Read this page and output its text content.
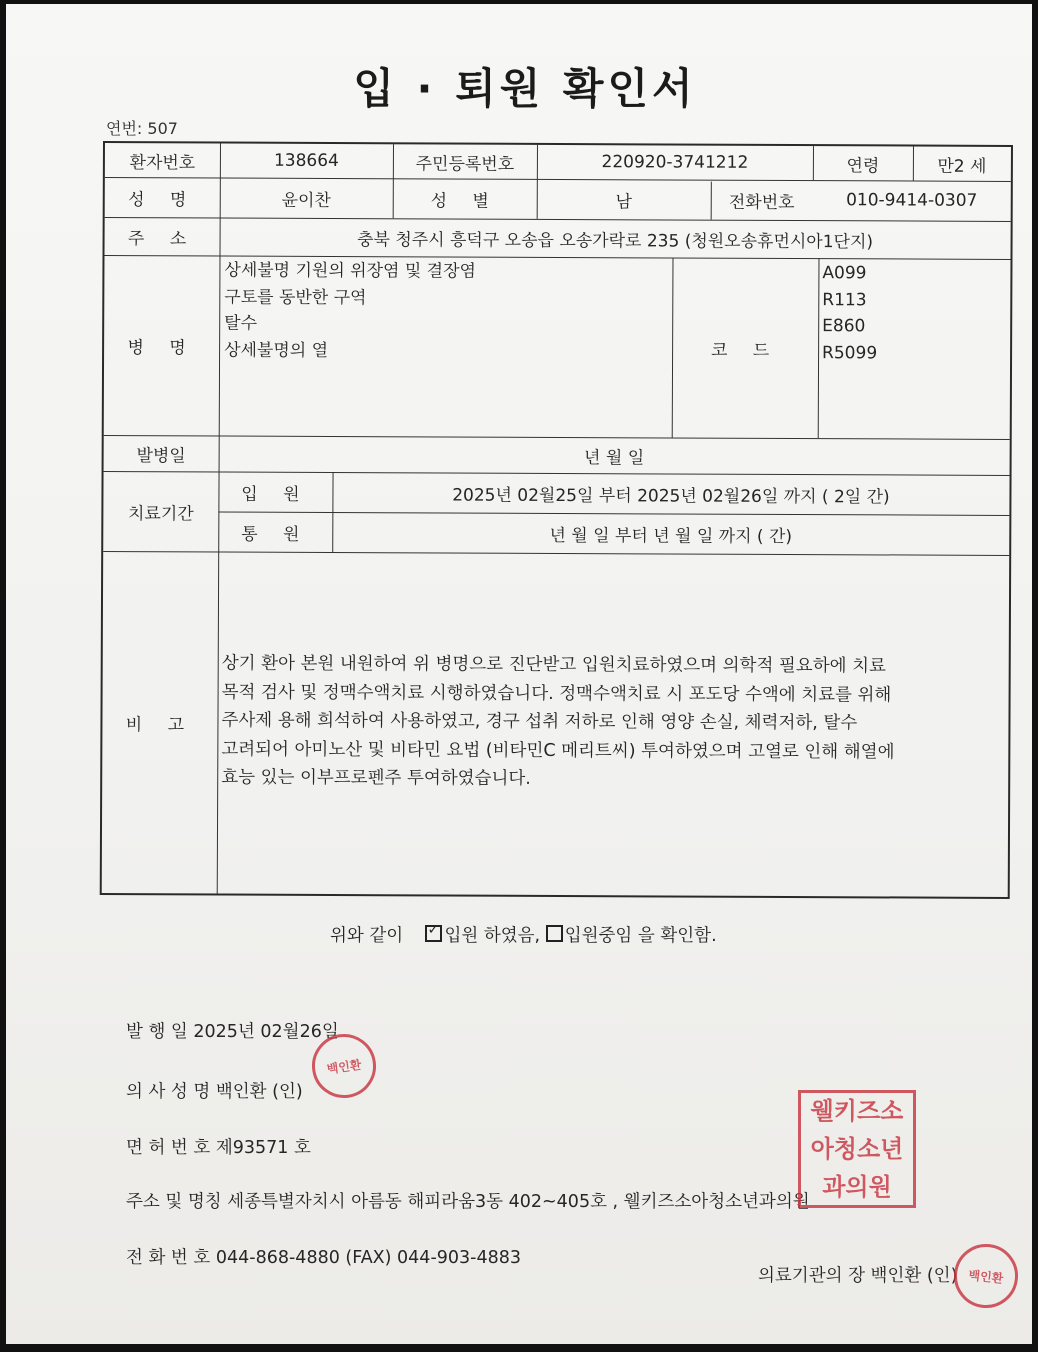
입 · 퇴원 확인서
연번: 507
환자번호	138664	주민등록번호	220920-3741212	연령	만2 세
성 명	윤이찬	성 별	남	전화번호	010-9414-0307
주 소	충북 청주시 흥덕구 오송읍 오송가락로 235 (청원오송휴먼시아1단지)
병 명
상세불명 기원의 위장염 및 결장염
구토를 동반한 구역
탈수
상세불명의 열	코 드
A099
R113
E860
R5099
발병일	년 월 일
치료기간
입 원	2025년 02월25일 부터 2025년 02월26일 까지 ( 2일 간)
통 원	년 월 일 부터 년 월 일 까지 ( 간)
비 고
상기 환아 본원 내원하여 위 병명으로 진단받고 입원치료하였으며 의학적 필요하에 치료
목적 검사 및 정맥수액치료 시행하였습니다. 정맥수액치료 시 포도당 수액에 치료를 위해
주사제 용해 희석하여 사용하였고, 경구 섭취 저하로 인해 영양 손실, 체력저하, 탈수
고려되어 아미노산 및 비타민 요법 (비타민C 메리트씨) 투여하였으며 고열로 인해 해열에
효능 있는 이부프로펜주 투여하였습니다.
위와 같이    ✓ 입원 하였음, 입원중임 을 확인함.
발 행 일 2025년 02월26일
의 사 성 명 백인환 (인)
면 허 번 호 제93571 호
주소 및 명칭 세종특별자치시 아름동 해피라움3동 402~405호 , 웰키즈소아청소년과의원
전 화 번 호 044-868-4880 (FAX) 044-903-4883
의료기관의 장 백인환 (인)
백인환
웰키즈소아청소년과의원
백인환
